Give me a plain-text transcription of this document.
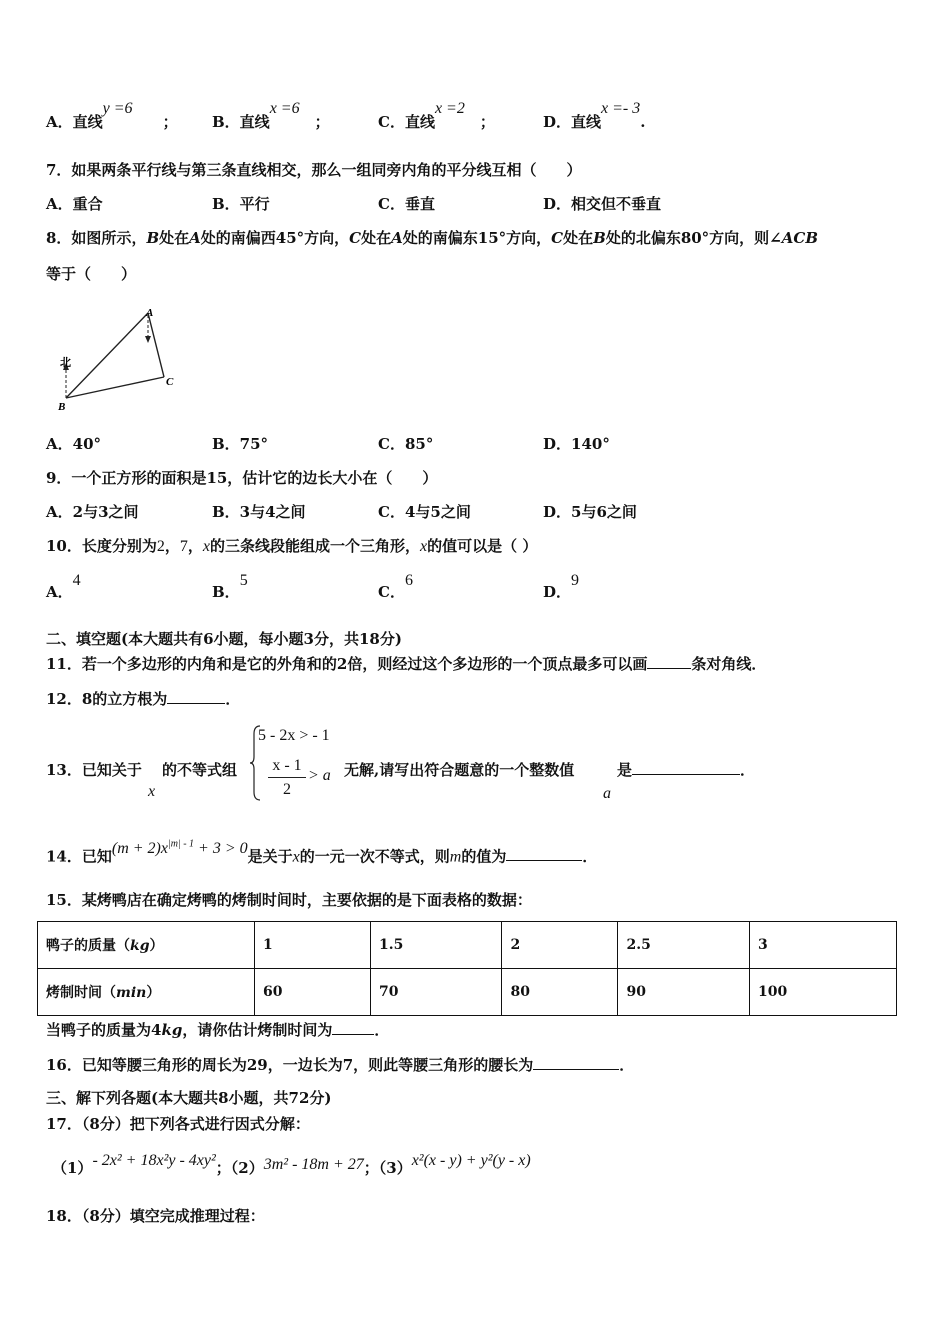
A．直线y =6　　； B．直线x =6　；	C．直线x =2　；	D．直线x =- 3.
7．如果两条平行线与第三条直线相交，那么一组同旁内角的平分线互相（　　）
A．重合	B．平行	C．垂直	D．相交但不垂直
8．如图所示，B处在A处的南偏西45°方向，C处在A处的南偏东15°方向，C处在B处的北偏东80°方向，则∠ACB
等于（　　）
北
A
B
C
A．40°	B．75°	C．85°	D．140°
9．一个正方形的面积是15，估计它的边长大小在（　　）
A．2与3之间	B．3与4之间	C．4与5之间	D．5与6之间
10．长度分别为2，7，x的三条线段能组成一个三角形，x的值可以是（ ）
A．4
B．5
C．6
D．9
二、填空题(本大题共有6小题，每小题3分，共18分)
11．若一个多边形的内角和是它的外角和的2倍，则经过这个多边形的一个顶点最多可以画	条对角线．
12．8的立方根为	．
13．已知关于
x
的不等式组
5 - 2x > - 1
x - 1
2
> a 无解,请写出符合题意的一个整数值
a
是	．
14．已知$(m + 2)x^{|m| - 1} + 3 > 0$是关于x的一元一次不等式，则m的值为	．
15．某烤鸭店在确定烤鸭的烤制时间时，主要依据的是下面表格的数据：
鸭子的质量（kg）	1	1.5	2	2.5	3
烤制时间（min）	60	70	80	90	100
当鸭子的质量为4kg，请你估计烤制时间为	．
16．已知等腰三角形的周长为29，一边长为7，则此等腰三角形的腰长为	．
三、解下列各题(本大题共8小题，共72分)
17．（8分）把下列各式进行因式分解：
（1）- 2x² + 18x²y - 4xy²；（2）3m² - 18m + 27；（3）x²(x - y) + y²(y - x)
18．（8分）填空完成推理过程：
